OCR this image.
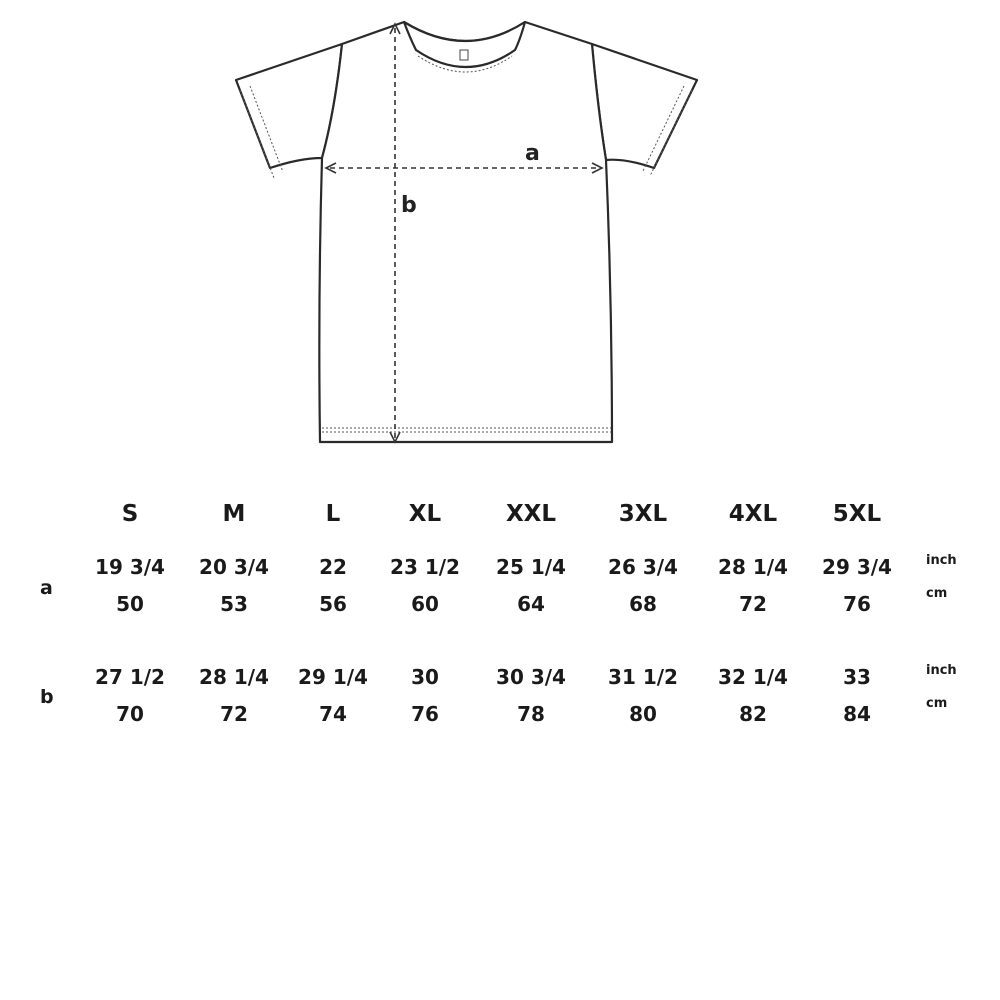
a
b
S	M	L	XL	XXL	3XL	4XL	5XL
a
19 3/4	20 3/4	22	23 1/2	25 1/4	26 3/4	28 1/4	29 3/4
50	53	56	60	64	68	72	76
inch
cm
b
27 1/2	28 1/4	29 1/4	30	30 3/4	31 1/2	32 1/4	33
70	72	74	76	78	80	82	84
inch
cm
